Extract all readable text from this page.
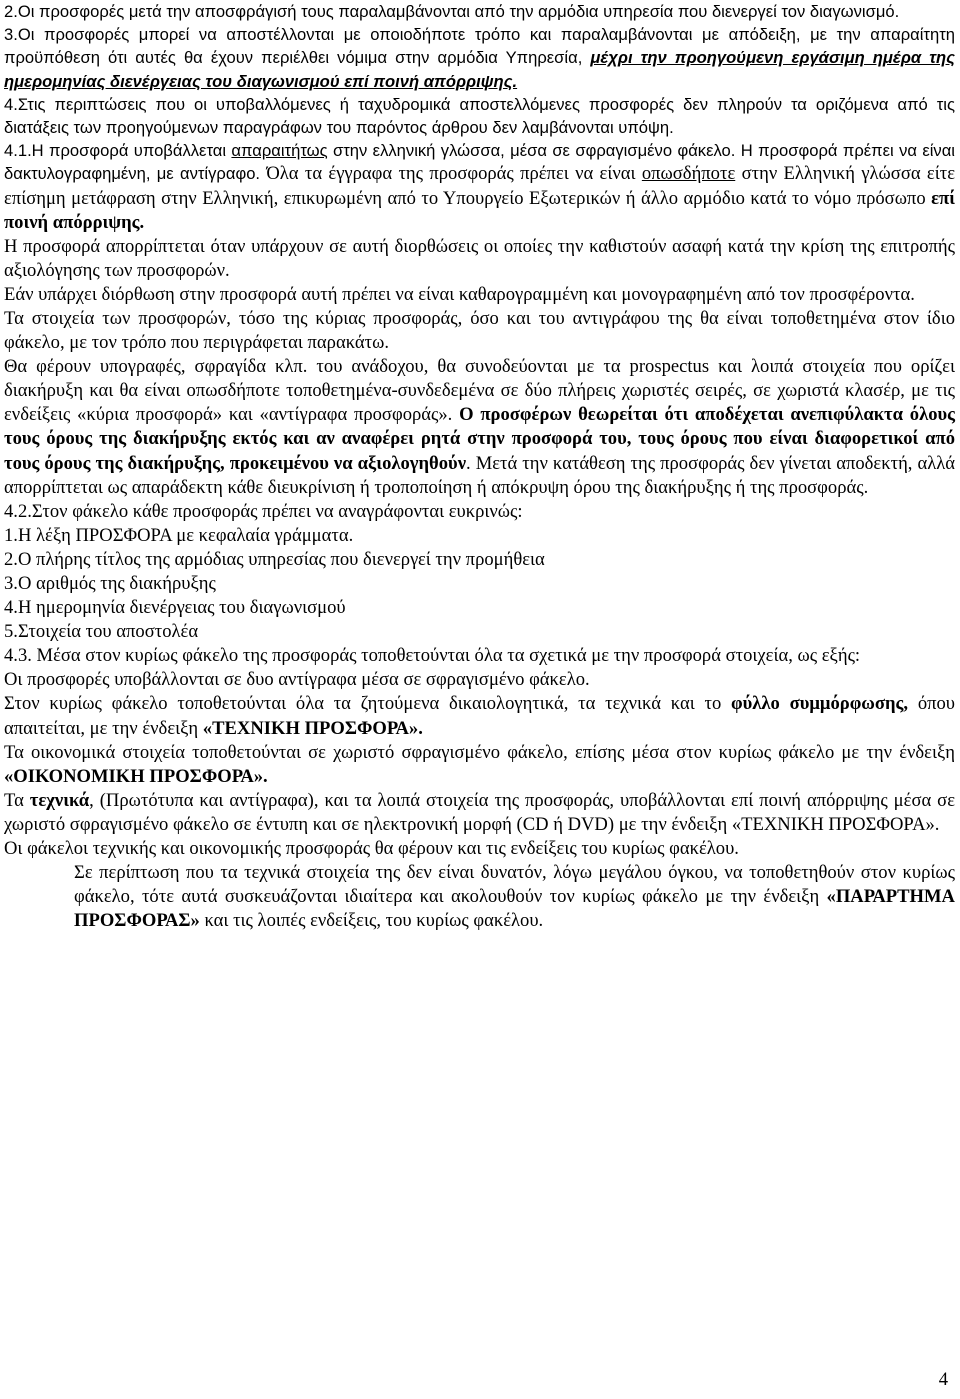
2.Οι προσφορές μετά την αποσφράγισή τους παραλαμβάνονται από την αρμόδια υπηρεσία που διενεργεί τον διαγωνισμό.

3.Οι προσφορές μπορεί να αποστέλλονται με οποιοδήποτε τρόπο και παραλαμβάνονται με απόδειξη, με την απαραίτητη προϋπόθεση ότι αυτές θα έχουν περιέλθει νόμιμα στην αρμόδια Υπηρεσία, μέχρι την προηγούμενη εργάσιμη ημέρα της ημερομηνίας διενέργειας του διαγωνισμού επί ποινή απόρριψης.

4.Στις περιπτώσεις που οι υποβαλλόμενες ή ταχυδρομικά αποστελλόμενες προσφορές δεν πληρούν τα οριζόμενα από τις διατάξεις των προηγούμενων παραγράφων του παρόντος άρθρου δεν λαμβάνονται υπόψη.

4.1.Η προσφορά υποβάλλεται απαραιτήτως στην ελληνική γλώσσα, μέσα σε σφραγισμένο φάκελο. Η προσφορά πρέπει να είναι δακτυλογραφημένη, με αντίγραφο. Όλα τα έγγραφα της προσφοράς πρέπει να είναι οπωσδήποτε στην Ελληνική γλώσσα είτε επίσημη μετάφραση στην Ελληνική, επικυρωμένη από το Υπουργείο Εξωτερικών ή άλλο αρμόδιο κατά το νόμο πρόσωπο επί ποινή απόρριψης.

Η προσφορά απορρίπτεται όταν υπάρχουν σε αυτή διορθώσεις οι οποίες την καθιστούν ασαφή κατά την κρίση της επιτροπής αξιολόγησης των προσφορών.

Εάν υπάρχει διόρθωση στην προσφορά αυτή πρέπει να είναι καθαρογραμμένη και μονογραφημένη από τον προσφέροντα.

Τα στοιχεία των προσφορών, τόσο της κύριας προσφοράς, όσο και του αντιγράφου της θα είναι τοποθετημένα στον ίδιο φάκελο, με τον τρόπο που περιγράφεται παρακάτω.

Θα φέρουν υπογραφές, σφραγίδα κλπ. του ανάδοχου, θα συνοδεύονται με τα prospectus και λοιπά στοιχεία που ορίζει διακήρυξη και θα είναι οπωσδήποτε τοποθετημένα-συνδεδεμένα σε δύο πλήρεις χωριστές σειρές, σε χωριστά κλασέρ, με τις ενδείξεις «κύρια προσφορά» και «αντίγραφα προσφοράς». Ο προσφέρων θεωρείται ότι αποδέχεται ανεπιφύλακτα όλους τους όρους της διακήρυξης εκτός και αν αναφέρει ρητά στην προσφορά του, τους όρους που είναι διαφορετικοί από τους όρους της διακήρυξης, προκειμένου να αξιολογηθούν. Μετά την κατάθεση της προσφοράς δεν γίνεται αποδεκτή, αλλά απορρίπτεται ως απαράδεκτη κάθε διευκρίνιση ή τροποποίηση ή απόκρυψη όρου της διακήρυξης ή της προσφοράς.

4.2.Στον φάκελο κάθε προσφοράς πρέπει να αναγράφονται ευκρινώς:

1.Η λέξη ΠΡΟΣΦΟΡΑ με κεφαλαία γράμματα.

2.Ο πλήρης τίτλος της αρμόδιας υπηρεσίας που διενεργεί την προμήθεια

3.Ο αριθμός της διακήρυξης

4.Η ημερομηνία διενέργειας του διαγωνισμού

5.Στοιχεία του αποστολέα

4.3. Μέσα στον κυρίως φάκελο της προσφοράς τοποθετούνται όλα τα σχετικά με την προσφορά στοιχεία, ως εξής:

Οι προσφορές υποβάλλονται σε δυο αντίγραφα μέσα σε σφραγισμένο φάκελο.

Στον κυρίως φάκελο τοποθετούνται όλα τα ζητούμενα δικαιολογητικά, τα τεχνικά και το φύλλο συμμόρφωσης, όπου απαιτείται, με την ένδειξη «ΤΕΧΝΙΚΗ ΠΡΟΣΦΟΡΑ».

Τα οικονομικά στοιχεία τοποθετούνται σε χωριστό σφραγισμένο φάκελο, επίσης μέσα στον κυρίως φάκελο με την ένδειξη «ΟΙΚΟΝΟΜΙΚΗ ΠΡΟΣΦΟΡΑ».

Τα τεχνικά, (Πρωτότυπα και αντίγραφα), και τα λοιπά στοιχεία της προσφοράς, υποβάλλονται επί ποινή απόρριψης μέσα σε χωριστό σφραγισμένο φάκελο σε έντυπη και σε ηλεκτρονική μορφή (CD ή DVD) με την ένδειξη «ΤΕΧΝΙΚΗ ΠΡΟΣΦΟΡΑ».

Οι φάκελοι τεχνικής και οικονομικής προσφοράς θα φέρουν και τις ενδείξεις του κυρίως φακέλου.

Σε περίπτωση που τα τεχνικά στοιχεία της δεν είναι δυνατόν, λόγω μεγάλου όγκου, να τοποθετηθούν στον κυρίως φάκελο, τότε αυτά συσκευάζονται ιδιαίτερα και ακολουθούν τον κυρίως φάκελο με την ένδειξη «ΠΑΡΑΡΤΗΜΑ ΠΡΟΣΦΟΡΑΣ» και τις λοιπές ενδείξεις, του κυρίως φακέλου.

4
